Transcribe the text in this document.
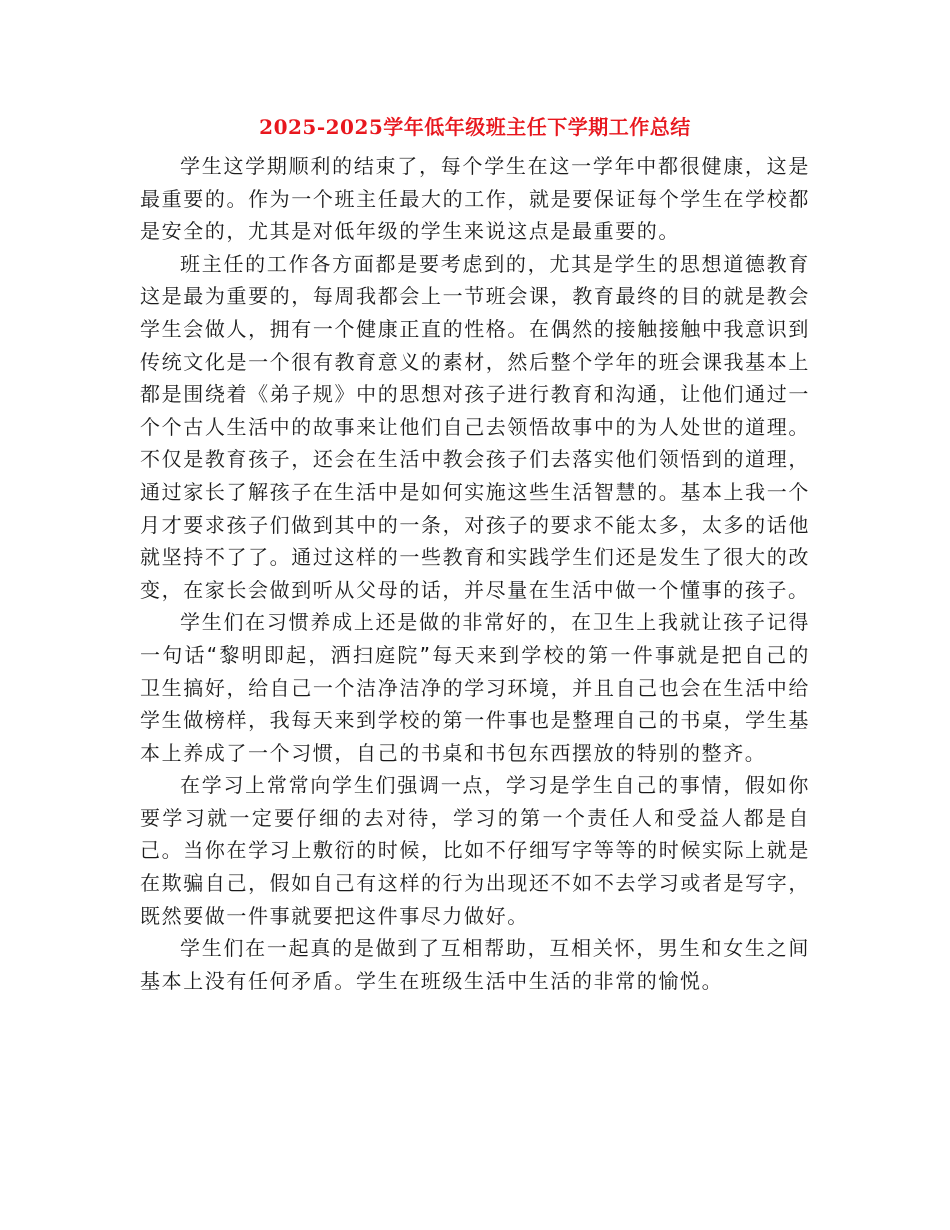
2025-2025学年低年级班主任下学期工作总结

学生这学期顺利的结束了，每个学生在这一学年中都很健康，这是最重要的。作为一个班主任最大的工作，就是要保证每个学生在学校都是安全的，尤其是对低年级的学生来说这点是最重要的。

班主任的工作各方面都是要考虑到的，尤其是学生的思想道德教育这是最为重要的，每周我都会上一节班会课，教育最终的目的就是教会学生会做人，拥有一个健康正直的性格。在偶然的接触接触中我意识到传统文化是一个很有教育意义的素材，然后整个学年的班会课我基本上都是围绕着《弟子规》中的思想对孩子进行教育和沟通，让他们通过一个个古人生活中的故事来让他们自己去领悟故事中的为人处世的道理。不仅是教育孩子，还会在生活中教会孩子们去落实他们领悟到的道理，通过家长了解孩子在生活中是如何实施这些生活智慧的。基本上我一个月才要求孩子们做到其中的一条，对孩子的要求不能太多，太多的话他就坚持不了了。通过这样的一些教育和实践学生们还是发生了很大的改变，在家长会做到听从父母的话，并尽量在生活中做一个懂事的孩子。

学生们在习惯养成上还是做的非常好的，在卫生上我就让孩子记得一句话“黎明即起，洒扫庭院”每天来到学校的第一件事就是把自己的卫生搞好，给自己一个洁净洁净的学习环境，并且自己也会在生活中给学生做榜样，我每天来到学校的第一件事也是整理自己的书桌，学生基本上养成了一个习惯，自己的书桌和书包东西摆放的特别的整齐。

在学习上常常向学生们强调一点，学习是学生自己的事情，假如你要学习就一定要仔细的去对待，学习的第一个责任人和受益人都是自己。当你在学习上敷衍的时候，比如不仔细写字等等的时候实际上就是在欺骗自己，假如自己有这样的行为出现还不如不去学习或者是写字，既然要做一件事就要把这件事尽力做好。

学生们在一起真的是做到了互相帮助，互相关怀，男生和女生之间基本上没有任何矛盾。学生在班级生活中生活的非常的愉悦。
